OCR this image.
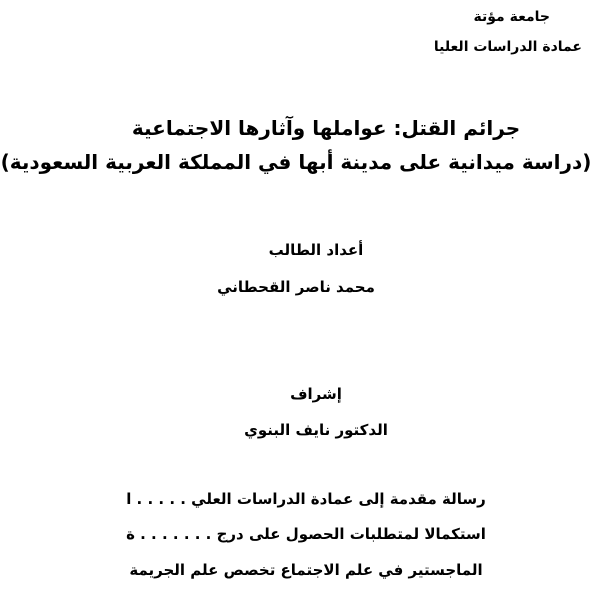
جامعة مؤتة
عمادة الدراسات العليا
جرائم القتل: عواملها وآثارها الاجتماعية
(دراسة ميدانية على مدينة أبها في المملكة العربية السعودية)
أعداد الطالب
محمد ناصر القحطاني
إشراف
الدكتور نايف البنوي
رسالة مقدمة إلى عمادة الدراسات العلي . . . . . ا
استكمالا لمتطلبات الحصول على درج . . . . . . . ة
الماجستير في علم الاجتماع تخصص علم الجريمة
